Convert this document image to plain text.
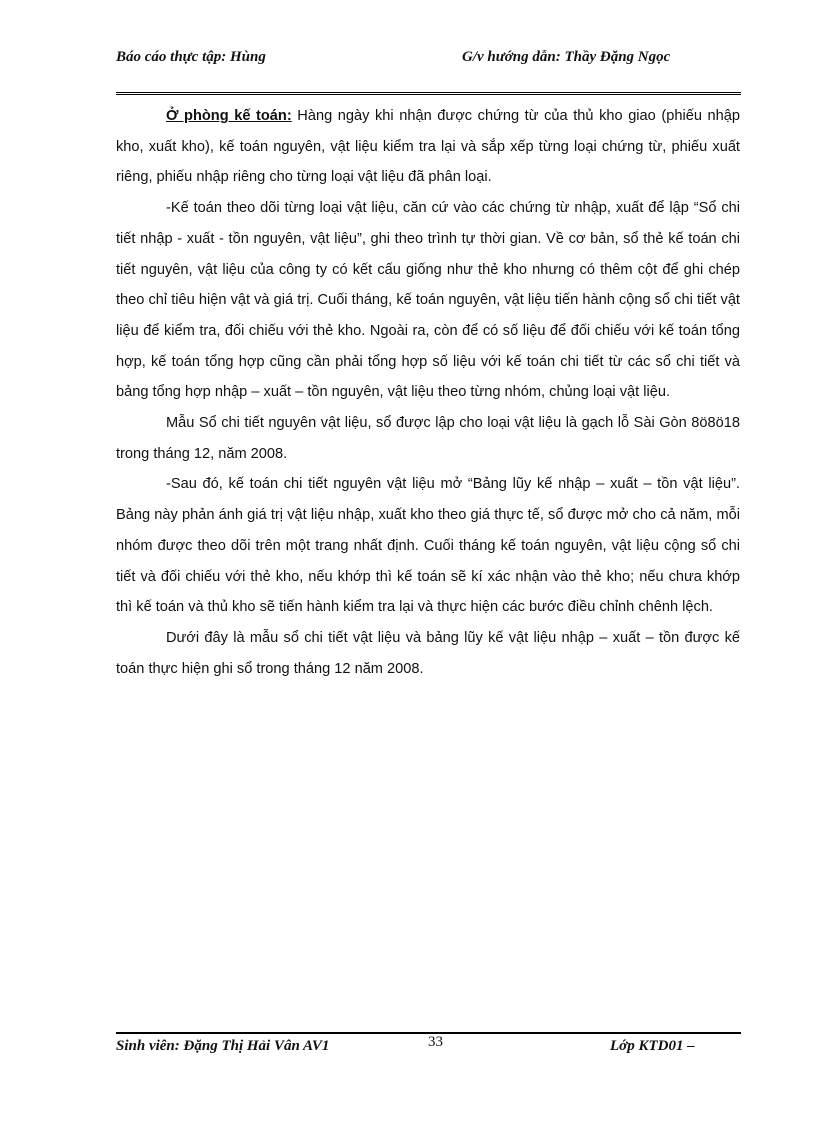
Báo cáo thực tập: Hùng	G/v hướng dẫn: Thầy Đặng Ngọc

Ở phòng kế toán: Hàng ngày khi nhận được chứng từ của thủ kho giao (phiếu nhập kho, xuất kho), kế toán nguyên, vật liệu kiểm tra lại và sắp xếp từng loại chứng từ, phiếu xuất riêng, phiếu nhập riêng cho từng loại vật liệu đã phân loại.

-Kế toán theo dõi từng loại vật liệu, căn cứ vào các chứng từ nhập, xuất để lập “Sổ chi tiết nhập - xuất - tồn nguyên, vật liệu”, ghi theo trình tự thời gian. Về cơ bản, sổ thẻ kế toán chi tiết nguyên, vật liệu của công ty có kết cấu giống như thẻ kho nhưng có thêm cột để ghi chép theo chỉ tiêu hiện vật và giá trị. Cuối tháng, kế toán nguyên, vật liệu tiến hành cộng sổ chi tiết vật liệu để kiểm tra, đối chiếu với thẻ kho. Ngoài ra, còn để có số liệu để đối chiếu với kế toán tổng hợp, kế toán tổng hợp cũng cần phải tổng hợp số liệu với kế toán chi tiết từ các sổ chi tiết và bảng tổng hợp nhập – xuất – tồn nguyên, vật liệu theo từng nhóm, chủng loại vật liệu.

Mẫu Sổ chi tiết nguyên vật liệu, sổ được lập cho loại vật liệu là gạch lỗ Sài Gòn 8ö8ö18 trong tháng 12, năm 2008.

-Sau đó, kế toán chi tiết nguyên vật liệu mở “Bảng lũy kế nhập – xuất – tồn vật liệu”. Bảng này phản ánh giá trị vật liệu nhập, xuất kho theo giá thực tế, sổ được mở cho cả năm, mỗi nhóm được theo dõi trên một trang nhất định. Cuối tháng kế toán nguyên, vật liệu cộng sổ chi tiết và đối chiếu với thẻ kho, nếu khớp thì kế toán sẽ kí xác nhận vào thẻ kho; nếu chưa khớp thì kế toán và thủ kho sẽ tiến hành kiểm tra lại và thực hiện các bước điều chỉnh chênh lệch.

Dưới đây là mẫu sổ chi tiết vật liệu và bảng lũy kế vật liệu nhập – xuất – tồn được kế toán thực hiện ghi sổ trong tháng 12 năm 2008.

Sinh viên: Đặng Thị Hải Vân AV1	33	Lớp KTD01 –
